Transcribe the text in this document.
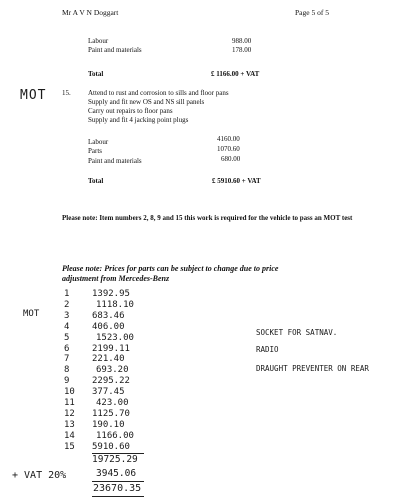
Mr A V N Doggart	Page 5 of 5
Labour	988.00
Paint and materials	178.00
Total	£ 1166.00 + VAT
MOT 15. Attend to rust and corrosion to sills and floor pans
Supply and fit new OS and NS sill panels
Carry out repairs to floor pans
Supply and fit 4 jacking point plugs
Labour	4160.00
Parts	1070.60
Paint and materials	680.00
Total	£ 5910.60 + VAT
Please note: Item numbers 2, 8, 9 and 15 this work is required for the vehicle to pass an MOT test
Please note: Prices for parts can be subject to change due to price
adjustment from Mercedes-Benz
MOT
1	1392.95
2	1118.10
3	683.46
4	406.00
5	1523.00
6	2199.11
7	221.40
8	693.20
9	2295.22
10 377.45
11 423.00
12 1125.70
13 190.10
14 1166.00
15 5910.60
19725.29
+ VAT 20%	3945.06
23670.35
SOCKET FOR SATNAV.
RADIO
DRAUGHT PREVENTER ON REAR
